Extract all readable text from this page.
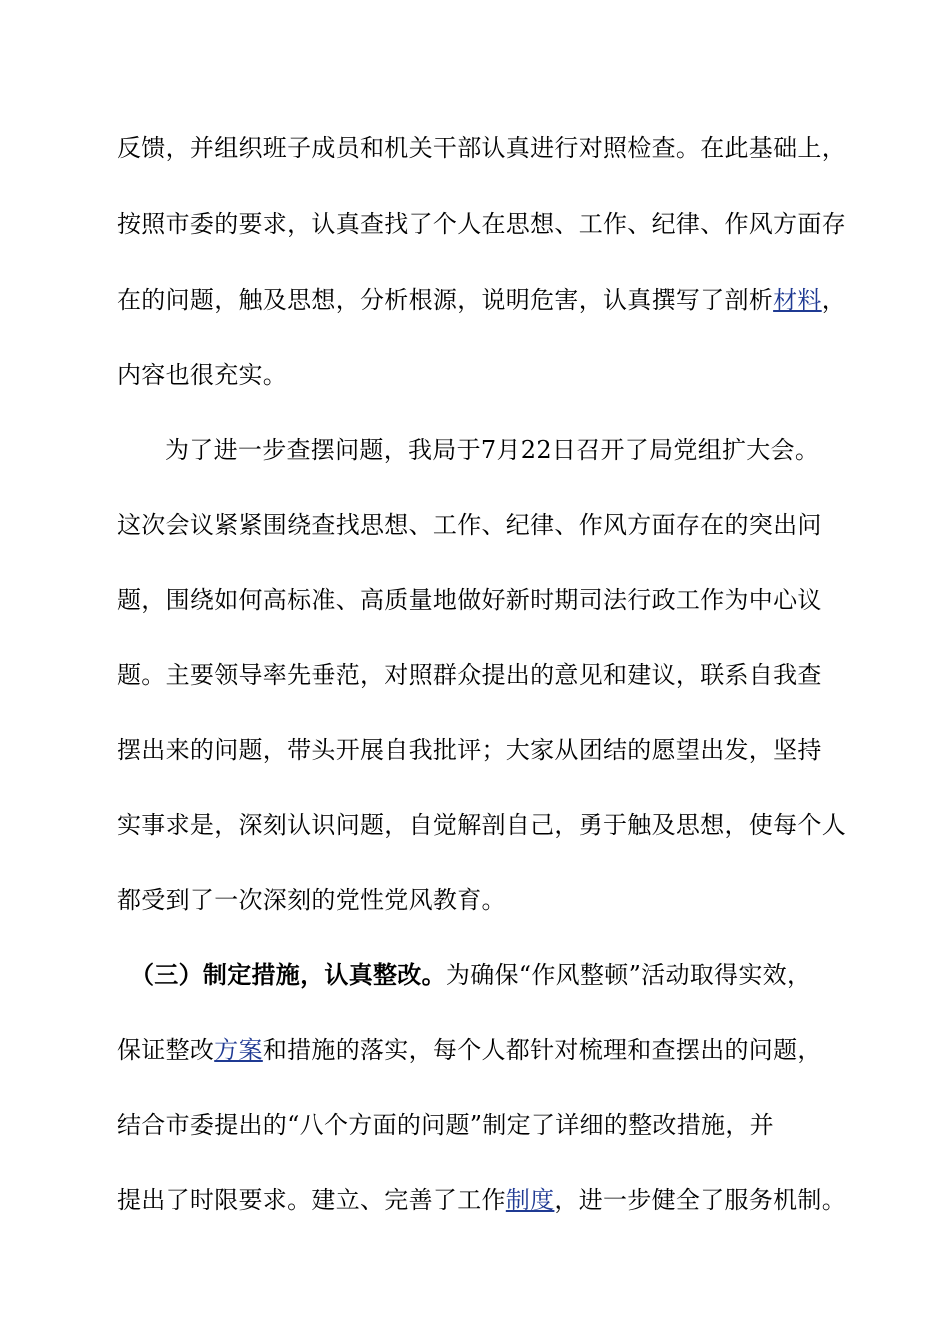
反馈，并组织班子成员和机关干部认真进行对照检查。在此基础上，
按照市委的要求，认真查找了个人在思想、工作、纪律、作风方面存
在的问题，触及思想，分析根源，说明危害，认真撰写了剖析材料，
内容也很充实。
为了进一步查摆问题，我局于7月22日召开了局党组扩大会。
这次会议紧紧围绕查找思想、工作、纪律、作风方面存在的突出问
题，围绕如何高标准、高质量地做好新时期司法行政工作为中心议
题。主要领导率先垂范，对照群众提出的意见和建议，联系自我查
摆出来的问题，带头开展自我批评；大家从团结的愿望出发，坚持
实事求是，深刻认识问题，自觉解剖自己，勇于触及思想，使每个人
都受到了一次深刻的党性党风教育。
（三）制定措施，认真整改。为确保“作风整顿”活动取得实效，
保证整改方案和措施的落实，每个人都针对梳理和查摆出的问题，
结合市委提出的“八个方面的问题”制定了详细的整改措施，并
提出了时限要求。建立、完善了工作制度，进一步健全了服务机制。
